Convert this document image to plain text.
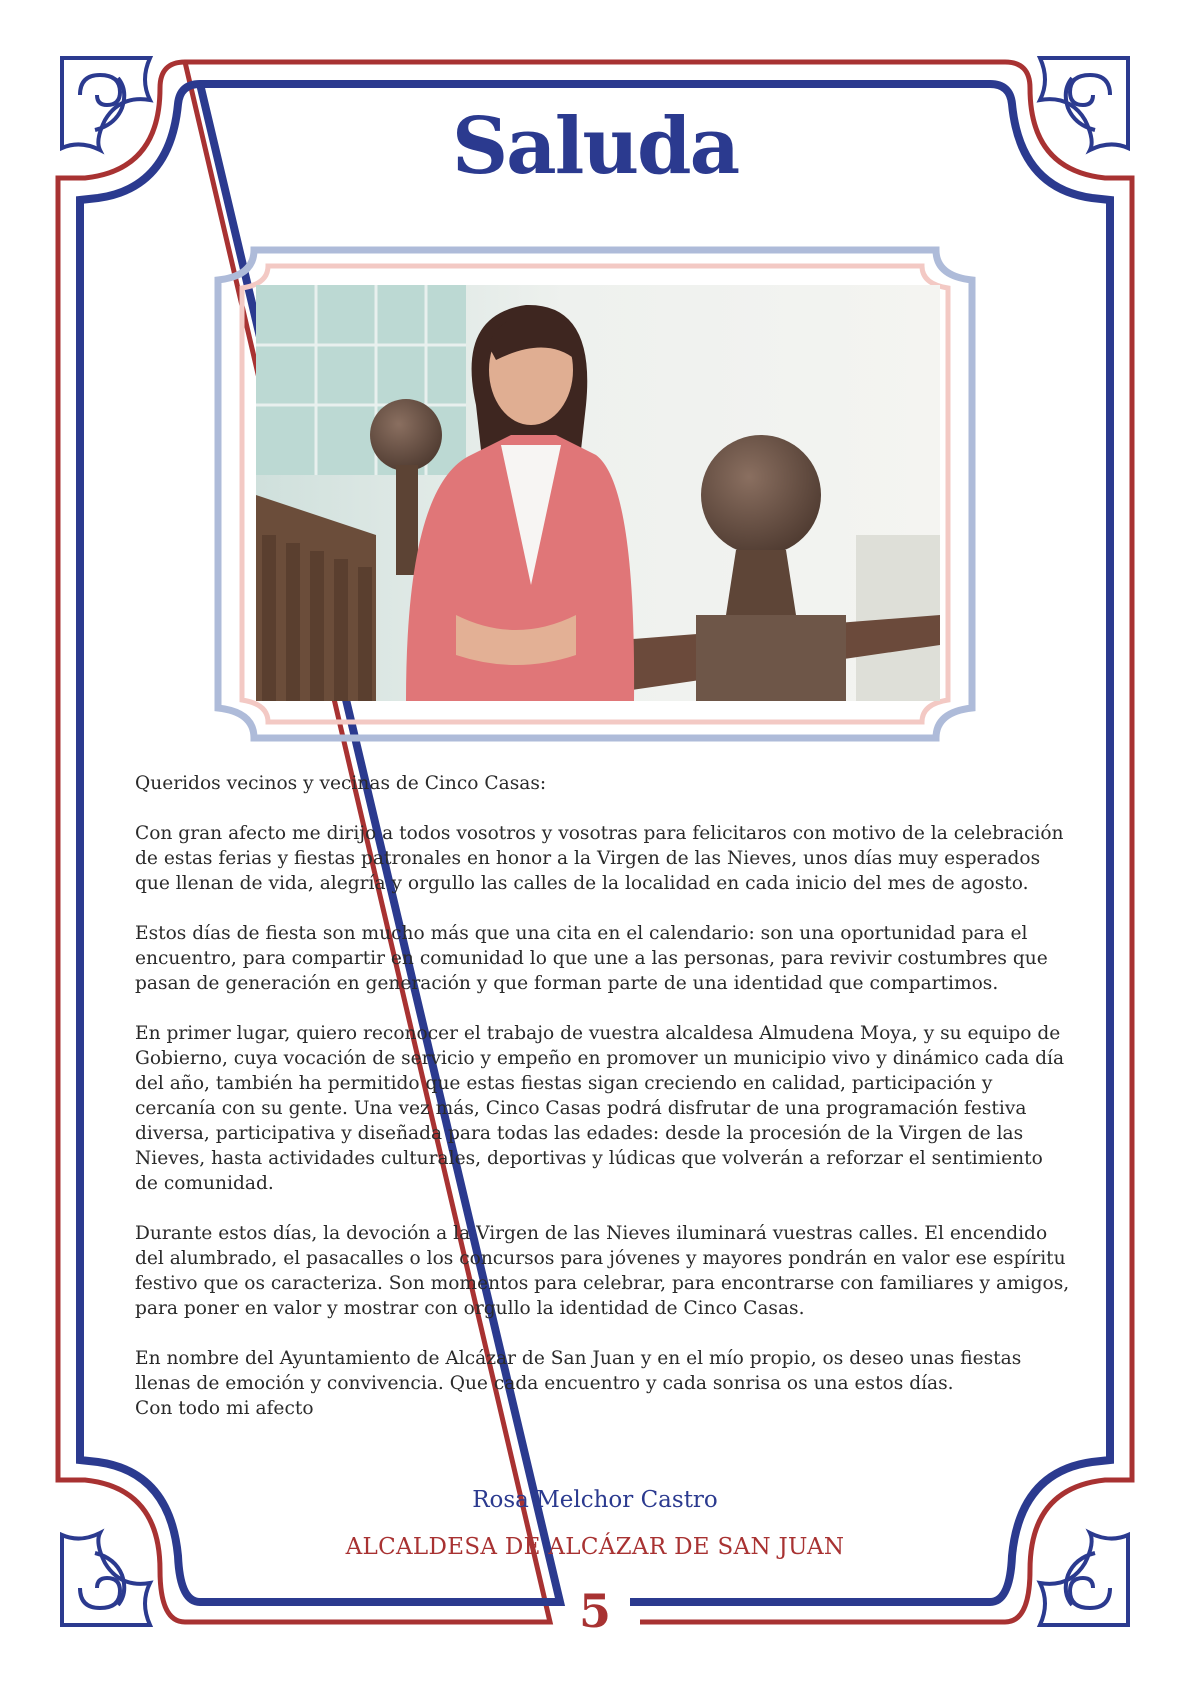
Saluda

Queridos vecinos y vecinas de Cinco Casas:

Con gran afecto me dirijo a todos vosotros y vosotras para felicitaros con motivo de la celebración de estas ferias y fiestas patronales en honor a la Virgen de las Nieves, unos días muy esperados que llenan de vida, alegría y orgullo las calles de la localidad en cada inicio del mes de agosto.

Estos días de fiesta son mucho más que una cita en el calendario: son una oportunidad para el encuentro, para compartir en comunidad lo que une a las personas, para revivir costumbres que pasan de generación en generación y que forman parte de una identidad que compartimos.

En primer lugar, quiero reconocer el trabajo de vuestra alcaldesa Almudena Moya, y su equipo de Gobierno, cuya vocación de servicio y empeño en promover un municipio vivo y dinámico cada día del año, también ha permitido que estas fiestas sigan creciendo en calidad, participación y cercanía con su gente. Una vez más, Cinco Casas podrá disfrutar de una programación festiva diversa, participativa y diseñada para todas las edades: desde la procesión de la Virgen de las Nieves, hasta actividades culturales, deportivas y lúdicas que volverán a reforzar el sentimiento de comunidad.

Durante estos días, la devoción a la Virgen de las Nieves iluminará vuestras calles. El encendido del alumbrado, el pasacalles o los concursos para jóvenes y mayores pondrán en valor ese espíritu festivo que os caracteriza. Son momentos para celebrar, para encontrarse con familiares y amigos, para poner en valor y mostrar con orgullo la identidad de Cinco Casas.

En nombre del Ayuntamiento de Alcázar de San Juan y en el mío propio, os deseo unas fiestas llenas de emoción y convivencia. Que cada encuentro y cada sonrisa os una estos días.

Con todo mi afecto

Rosa Melchor Castro
ALCALDESA DE ALCÁZAR DE SAN JUAN
5
